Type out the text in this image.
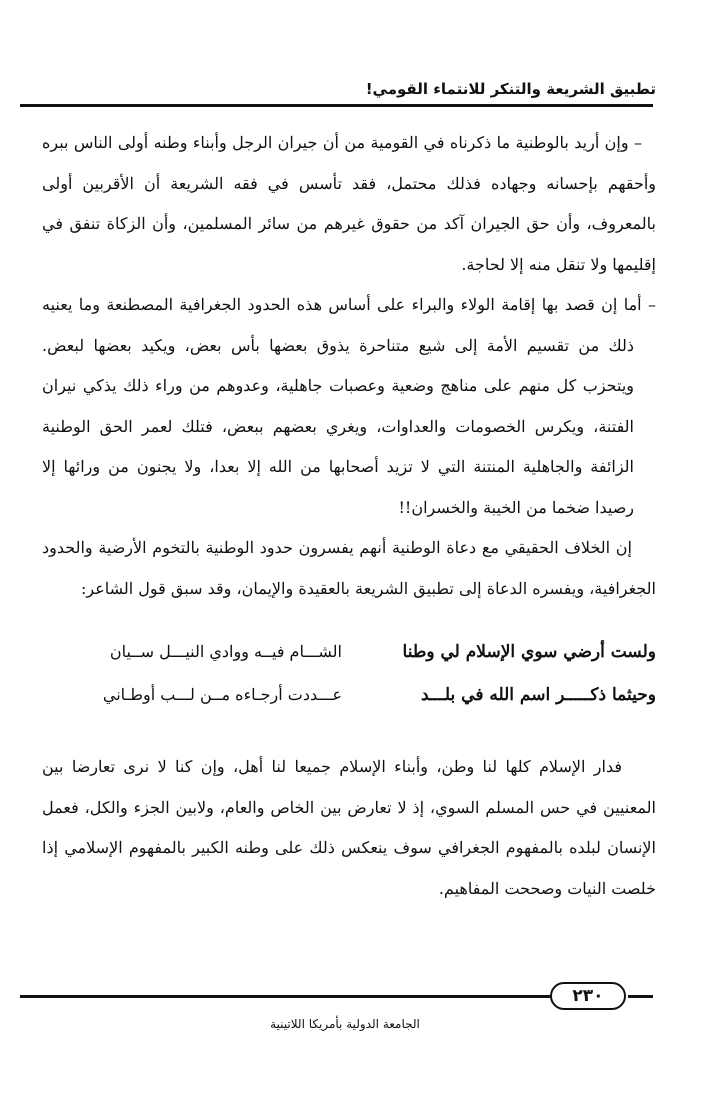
تطبيق الشريعة والتنكر للانتماء القومي!

– وإن أريد بالوطنية ما ذكرناه في القومية من أن جيران الرجل وأبناء وطنه أولى الناس ببره وأحقهم بإحسانه وجهاده فذلك محتمل، فقد تأسس في فقه الشريعة أن الأقربين أولى بالمعروف، وأن حق الجيران آكد من حقوق غيرهم من سائر المسلمين، وأن الزكاة تنفق في إقليمها ولا تنقل منه إلا لحاجة.

– أما إن قصد بها إقامة الولاء والبراء على أساس هذه الحدود الجغرافية المصطنعة وما يعنيه ذلك من تقسيم الأمة إلى شيع متناحرة يذوق بعضها بأس بعض، ويكيد بعضها لبعض. ويتحزب كل منهم على مناهج وضعية وعصبات جاهلية، وعدوهم من وراء ذلك يذكي نيران الفتنة، ويكرس الخصومات والعداوات، ويغري بعضهم ببعض، فتلك لعمر الحق الوطنية الزائفة والجاهلية المنتنة التي لا تزيد أصحابها من الله إلا بعدا، ولا يجنون من ورائها إلا رصيدا ضخما من الخيبة والخسران!!

إن الخلاف الحقيقي مع دعاة الوطنية أنهم يفسرون حدود الوطنية بالتخوم الأرضية والحدود الجغرافية، ويفسره الدعاة إلى تطبيق الشريعة بالعقيدة والإيمان، وقد سبق قول الشاعر:

ولست أرضي سوي الإسلام لي وطنا
الشـــام فيــه ووادي النيـــل ســيان
وحيثما ذكـــــر اسم الله في بلـــد
عـــددت أرجـاءه مــن لـــب أوطـاني

فدار الإسلام كلها لنا وطن، وأبناء الإسلام جميعا لنا أهل، وإن كنا لا نرى تعارضا بين المعنيين في حس المسلم السوي، إذ لا تعارض بين الخاص والعام، ولابين الجزء والكل، فعمل الإنسان لبلده بالمفهوم الجغرافي سوف ينعكس ذلك على وطنه الكبير بالمفهوم الإسلامي إذا خلصت النيات وصححت المفاهيم.

٢٣٠
الجامعة الدولية بأمريكا اللاتينية
